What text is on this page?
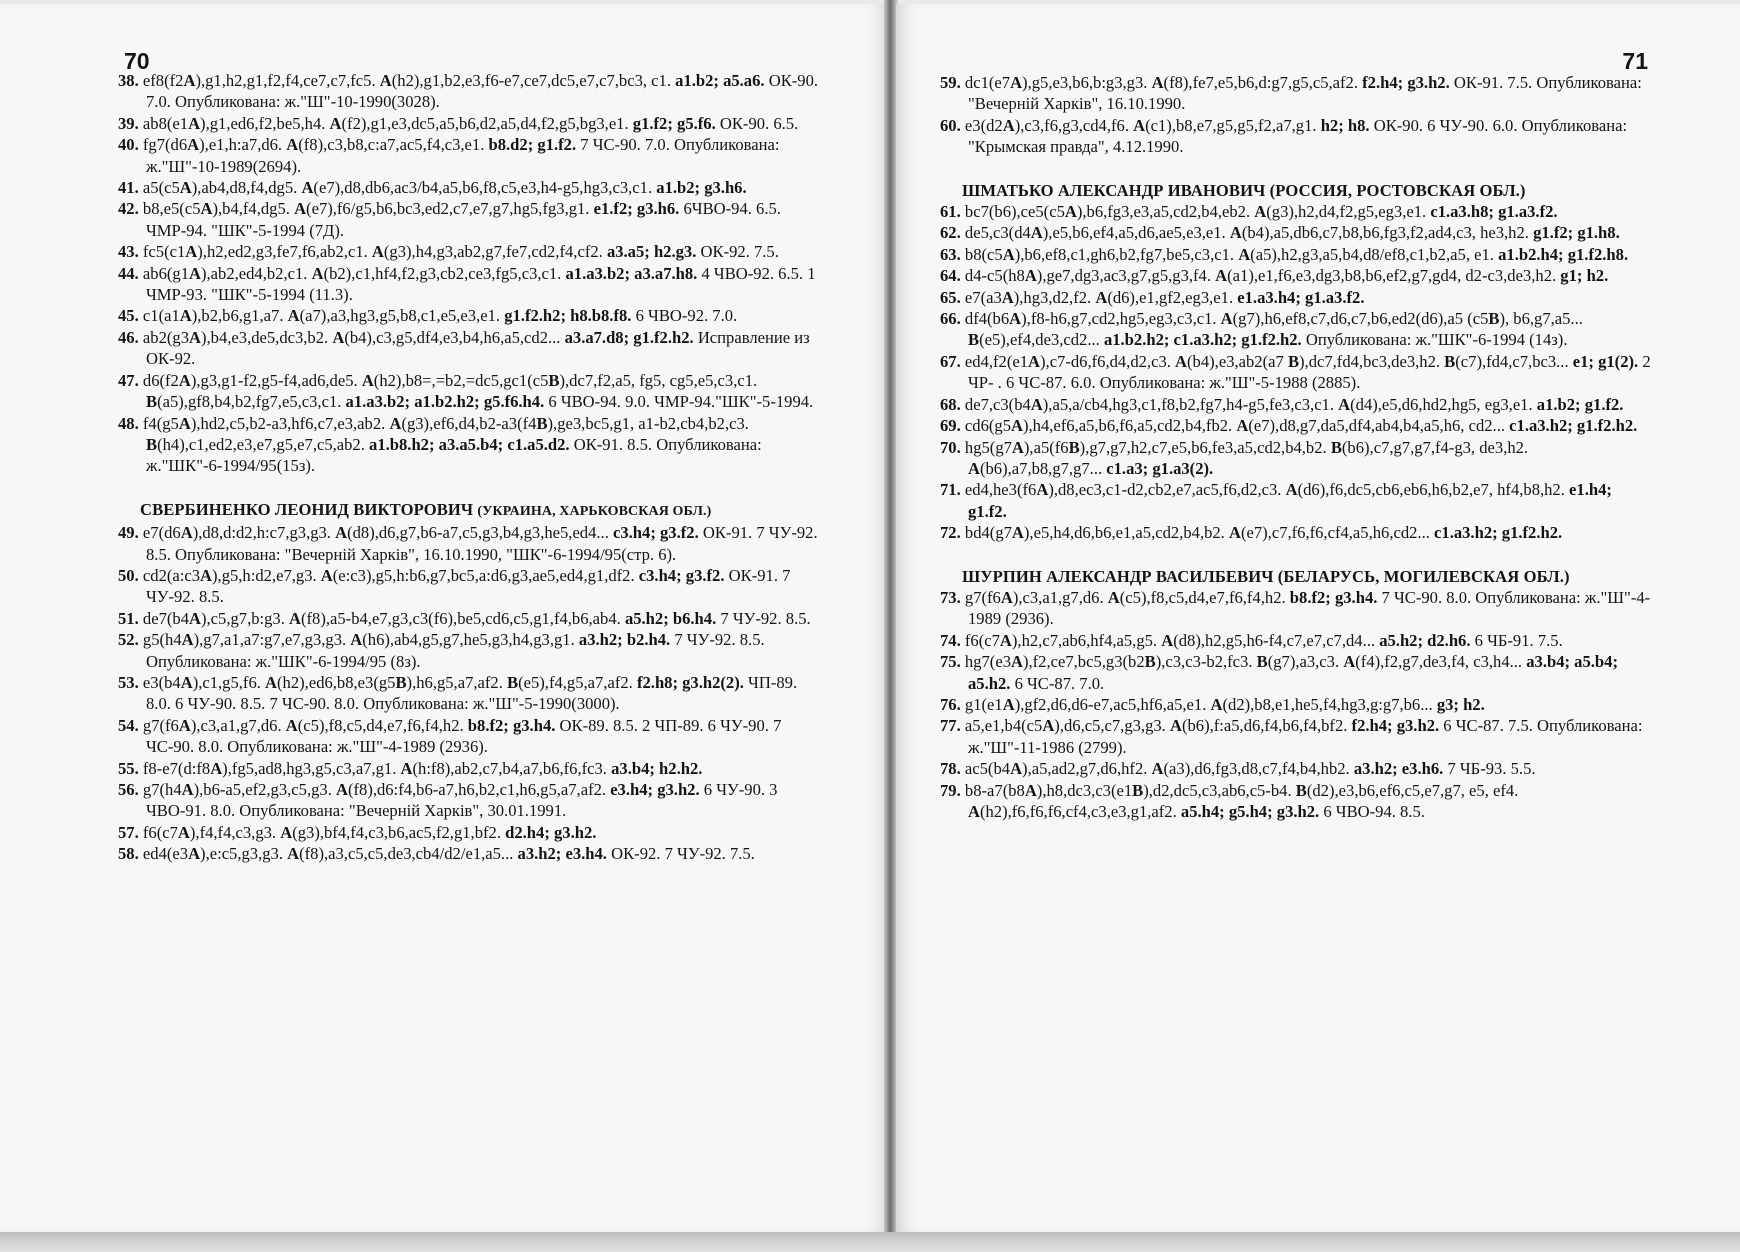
70
38. ef8(f2A),g1,h2,g1,f2,f4,ce7,c7,fc5. A(h2),g1,b2,e3,f6-e7,ce7,dc5,e7,c7,bc3, c1. a1.b2; a5.a6. ОК-90. 7.0. Опубликована: ж."Ш"-10-1990(3028).
39. ab8(e1A),g1,ed6,f2,be5,h4. A(f2),g1,e3,dc5,a5,b6,d2,a5,d4,f2,g5,bg3,e1. g1.f2; g5.f6. ОК-90. 6.5.
40. fg7(d6A),e1,h:a7,d6. A(f8),c3,b8,c:a7,ac5,f4,c3,e1. b8.d2; g1.f2. 7 ЧС-90. 7.0. Опубликована: ж."Ш"-10-1989(2694).
41. a5(c5A),ab4,d8,f4,dg5. A(e7),d8,db6,ac3/b4,a5,b6,f8,c5,e3,h4-g5,hg3,c3,c1. a1.b2; g3.h6.
42. b8,e5(c5A),b4,f4,dg5. A(e7),f6/g5,b6,bc3,ed2,c7,e7,g7,hg5,fg3,g1. e1.f2; g3.h6. 6ЧВО-94. 6.5. ЧМР-94. "ШК"-5-1994 (7Д).
43. fc5(c1A),h2,ed2,g3,fe7,f6,ab2,c1. A(g3),h4,g3,ab2,g7,fe7,cd2,f4,cf2. a3.a5; h2.g3. ОК-92. 7.5.
44. ab6(g1A),ab2,ed4,b2,c1. A(b2),c1,hf4,f2,g3,cb2,ce3,fg5,c3,c1. a1.a3.b2; a3.a7.h8. 4 ЧВО-92. 6.5. 1 ЧМР-93. "ШК"-5-1994 (11.3).
45. c1(a1A),b2,b6,g1,a7. A(a7),a3,hg3,g5,b8,c1,e5,e3,e1. g1.f2.h2; h8.b8.f8. 6 ЧВО-92. 7.0.
46. ab2(g3A),b4,e3,de5,dc3,b2. A(b4),c3,g5,df4,e3,b4,h6,a5,cd2... a3.a7.d8; g1.f2.h2. Исправление из ОК-92.
47. d6(f2A),g3,g1-f2,g5-f4,ad6,de5. A(h2),b8=,=b2,=dc5,gc1(c5B),dc7,f2,a5, fg5, cg5,e5,c3,c1. B(a5),gf8,b4,b2,fg7,e5,c3,c1. a1.a3.b2; a1.b2.h2; g5.f6.h4. 6 ЧВО-94. 9.0. ЧМР-94."ШК"-5-1994.
48. f4(g5A),hd2,c5,b2-a3,hf6,c7,e3,ab2. A(g3),ef6,d4,b2-a3(f4B),ge3,bc5,g1, a1-b2,cb4,b2,c3. B(h4),c1,ed2,e3,e7,g5,e7,c5,ab2. a1.b8.h2; a3.a5.b4; c1.a5.d2. ОК-91. 8.5. Опубликована: ж."ШК"-6-1994/95(15з).
СВЕРБИНЕНКО ЛЕОНИД ВИКТОРОВИЧ (УКРАИНА, ХАРЬКОВСКАЯ ОБЛ.)
49. e7(d6A),d8,d:d2,h:c7,g3,g3. A(d8),d6,g7,b6-a7,c5,g3,b4,g3,he5,ed4... c3.h4; g3.f2. ОК-91. 7 ЧУ-92. 8.5. Опубликована: "Вечерній Харків", 16.10.1990, "ШК"-6-1994/95(стр. 6).
50. cd2(a:c3A),g5,h:d2,e7,g3. A(e:c3),g5,h:b6,g7,bc5,a:d6,g3,ae5,ed4,g1,df2. c3.h4; g3.f2. ОК-91. 7 ЧУ-92. 8.5.
51. de7(b4A),c5,g7,b:g3. A(f8),a5-b4,e7,g3,c3(f6),be5,cd6,c5,g1,f4,b6,ab4. a5.h2; b6.h4. 7 ЧУ-92. 8.5.
52. g5(h4A),g7,a1,a7:g7,e7,g3,g3. A(h6),ab4,g5,g7,he5,g3,h4,g3,g1. a3.h2; b2.h4. 7 ЧУ-92. 8.5. Опубликована: ж."ШК"-6-1994/95 (8з).
53. e3(b4A),c1,g5,f6. A(h2),ed6,b8,e3(g5B),h6,g5,a7,af2. B(e5),f4,g5,a7,af2. f2.h8; g3.h2(2). ЧП-89. 8.0. 6 ЧУ-90. 8.5. 7 ЧС-90. 8.0. Опубликована: ж."Ш"-5-1990(3000).
54. g7(f6A),c3,a1,g7,d6. A(c5),f8,c5,d4,e7,f6,f4,h2. b8.f2; g3.h4. ОК-89. 8.5. 2 ЧП-89. 6 ЧУ-90. 7 ЧС-90. 8.0. Опубликована: ж."Ш"-4-1989 (2936).
55. f8-e7(d:f8A),fg5,ad8,hg3,g5,c3,a7,g1. A(h:f8),ab2,c7,b4,a7,b6,f6,fc3. a3.b4; h2.h2.
56. g7(h4A),b6-a5,ef2,g3,c5,g3. A(f8),d6:f4,b6-a7,h6,b2,c1,h6,g5,a7,af2. e3.h4; g3.h2. 6 ЧУ-90. 3 ЧВО-91. 8.0. Опубликована: "Вечерній Харків", 30.01.1991.
57. f6(c7A),f4,f4,c3,g3. A(g3),bf4,f4,c3,b6,ac5,f2,g1,bf2. d2.h4; g3.h2.
58. ed4(e3A),e:c5,g3,g3. A(f8),a3,c5,c5,de3,cb4/d2/e1,a5... a3.h2; e3.h4. ОК-92. 7 ЧУ-92. 7.5.
71
59. dc1(e7A),g5,e3,b6,b:g3,g3. A(f8),fe7,e5,b6,d:g7,g5,c5,af2. f2.h4; g3.h2. ОК-91. 7.5. Опубликована: "Вечерній Харків", 16.10.1990.
60. e3(d2A),c3,f6,g3,cd4,f6. A(c1),b8,e7,g5,g5,f2,a7,g1. h2; h8. ОК-90. 6 ЧУ-90. 6.0. Опубликована: "Крымская правда", 4.12.1990.
ШМАТЬКО АЛЕКСАНДР ИВАНОВИЧ (РОССИЯ, РОСТОВСКАЯ ОБЛ.)
61. bc7(b6),ce5(c5A),b6,fg3,e3,a5,cd2,b4,eb2. A(g3),h2,d4,f2,g5,eg3,e1. c1.a3.h8; g1.a3.f2.
62. de5,c3(d4A),e5,b6,ef4,a5,d6,ae5,e3,e1. A(b4),a5,db6,c7,b8,b6,fg3,f2,ad4,c3, he3,h2. g1.f2; g1.h8.
63. b8(c5A),b6,ef8,c1,gh6,b2,fg7,be5,c3,c1. A(a5),h2,g3,a5,b4,d8/ef8,c1,b2,a5, e1. a1.b2.h4; g1.f2.h8.
64. d4-c5(h8A),ge7,dg3,ac3,g7,g5,g3,f4. A(a1),e1,f6,e3,dg3,b8,b6,ef2,g7,gd4, d2-c3,de3,h2. g1; h2.
65. e7(a3A),hg3,d2,f2. A(d6),e1,gf2,eg3,e1. e1.a3.h4; g1.a3.f2.
66. df4(b6A),f8-h6,g7,cd2,hg5,eg3,c3,c1. A(g7),h6,ef8,c7,d6,c7,b6,ed2(d6),a5 (c5B), b6,g7,a5... B(e5),ef4,de3,cd2... a1.b2.h2; c1.a3.h2; g1.f2.h2. Опубликована: ж."ШК"-6-1994 (14з).
67. ed4,f2(e1A),c7-d6,f6,d4,d2,c3. A(b4),e3,ab2(a7 B),dc7,fd4,bc3,de3,h2. B(c7),fd4,c7,bc3... e1; g1(2). 2 ЧР- . 6 ЧС-87. 6.0. Опубликована: ж."Ш"-5-1988 (2885).
68. de7,c3(b4A),a5,a/cb4,hg3,c1,f8,b2,fg7,h4-g5,fe3,c3,c1. A(d4),e5,d6,hd2,hg5, eg3,e1. a1.b2; g1.f2.
69. cd6(g5A),h4,ef6,a5,b6,f6,a5,cd2,b4,fb2. A(e7),d8,g7,da5,df4,ab4,b4,a5,h6, cd2... c1.a3.h2; g1.f2.h2.
70. hg5(g7A),a5(f6B),g7,g7,h2,c7,e5,b6,fe3,a5,cd2,b4,b2. B(b6),c7,g7,g7,f4-g3, de3,h2. A(b6),a7,b8,g7,g7... c1.a3; g1.a3(2).
71. ed4,he3(f6A),d8,ec3,c1-d2,cb2,e7,ac5,f6,d2,c3. A(d6),f6,dc5,cb6,eb6,h6,b2,e7, hf4,b8,h2. e1.h4; g1.f2.
72. bd4(g7A),e5,h4,d6,b6,e1,a5,cd2,b4,b2. A(e7),c7,f6,f6,cf4,a5,h6,cd2... c1.a3.h2; g1.f2.h2.
ШУРПИН АЛЕКСАНДР ВАСИЛБЕВИЧ (БЕЛАРУСЬ, МОГИЛЕВСКАЯ ОБЛ.)
73. g7(f6A),c3,a1,g7,d6. A(c5),f8,c5,d4,e7,f6,f4,h2. b8.f2; g3.h4. 7 ЧС-90. 8.0. Опубликована: ж."Ш"-4-1989 (2936).
74. f6(c7A),h2,c7,ab6,hf4,a5,g5. A(d8),h2,g5,h6-f4,c7,e7,c7,d4... a5.h2; d2.h6. 6 ЧБ-91. 7.5.
75. hg7(e3A),f2,ce7,bc5,g3(b2B),c3,c3-b2,fc3. B(g7),a3,c3. A(f4),f2,g7,de3,f4, c3,h4... a3.b4; a5.b4; a5.h2. 6 ЧС-87. 7.0.
76. g1(e1A),gf2,d6,d6-e7,ac5,hf6,a5,e1. A(d2),b8,e1,he5,f4,hg3,g:g7,b6... g3; h2.
77. a5,e1,b4(c5A),d6,c5,c7,g3,g3. A(b6),f:a5,d6,f4,b6,f4,bf2. f2.h4; g3.h2. 6 ЧС-87. 7.5. Опубликована: ж."Ш"-11-1986 (2799).
78. ac5(b4A),a5,ad2,g7,d6,hf2. A(a3),d6,fg3,d8,c7,f4,b4,hb2. a3.h2; e3.h6. 7 ЧБ-93. 5.5.
79. b8-a7(b8A),h8,dc3,c3(e1B),d2,dc5,c3,ab6,c5-b4. B(d2),e3,b6,ef6,c5,e7,g7, e5, ef4. A(h2),f6,f6,f6,cf4,c3,e3,g1,af2. a5.h4; g5.h4; g3.h2. 6 ЧВО-94. 8.5.
